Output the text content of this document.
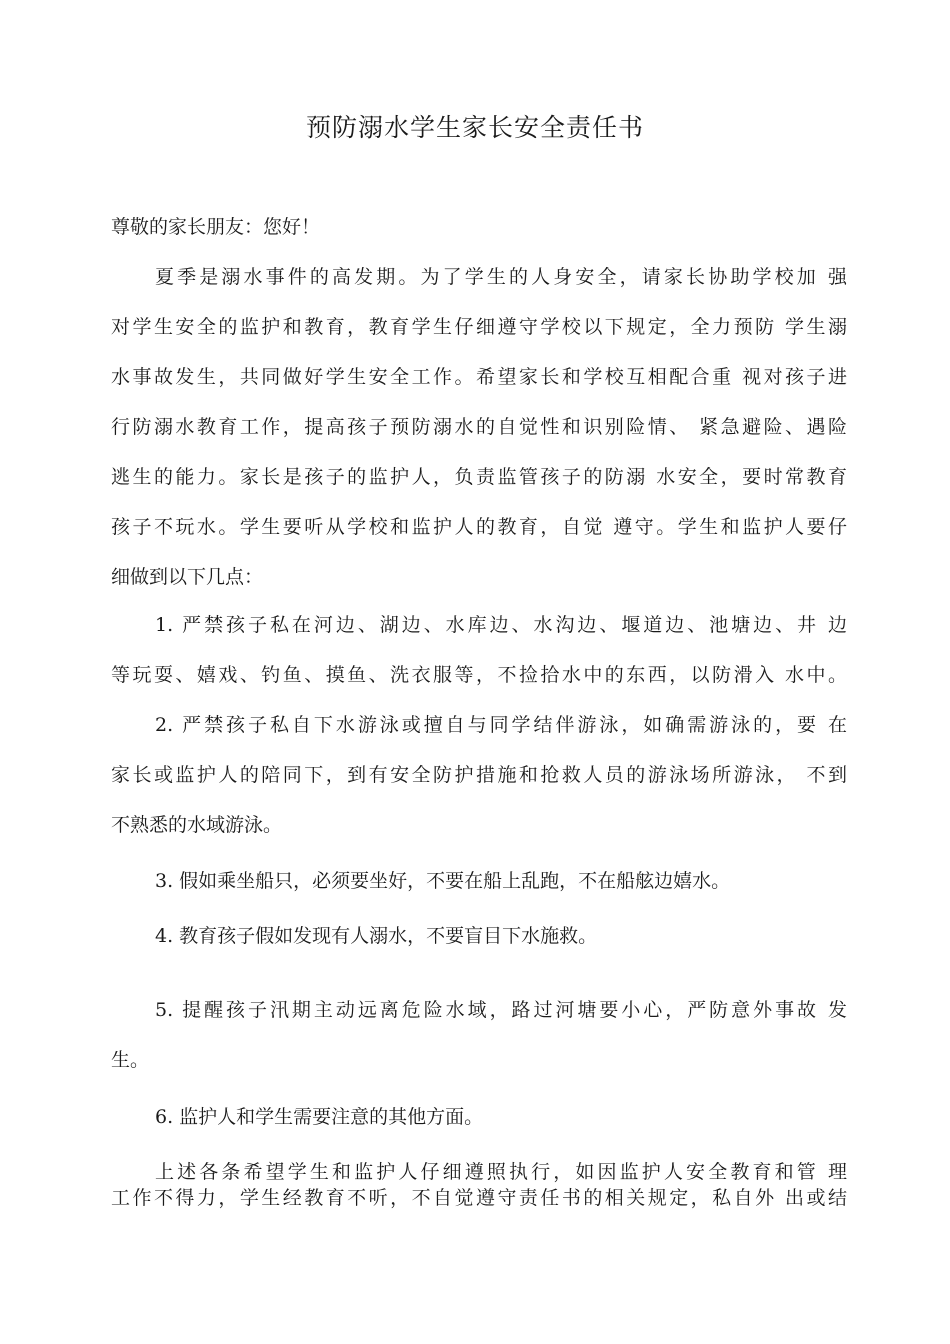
预防溺水学生家长安全责任书
尊敬的家长朋友：您好！
夏季是溺水事件的高发期。为了学生的人身安全，请家长协助学校加 强
对学生安全的监护和教育，教育学生仔细遵守学校以下规定，全力预防 学生溺
水事故发生，共同做好学生安全工作。希望家长和学校互相配合重 视对孩子进
行防溺水教育工作，提高孩子预防溺水的自觉性和识别险情、 紧急避险、遇险
逃生的能力。家长是孩子的监护人，负责监管孩子的防溺 水安全，要时常教育
孩子不玩水。学生要听从学校和监护人的教育，自觉 遵守。学生和监护人要仔
细做到以下几点：
1. 严禁孩子私在河边、湖边、水库边、水沟边、堰道边、池塘边、井 边
等玩耍、嬉戏、钓鱼、摸鱼、洗衣服等，不捡拾水中的东西，以防滑入 水中。
2. 严禁孩子私自下水游泳或擅自与同学结伴游泳，如确需游泳的，要 在
家长或监护人的陪同下，到有安全防护措施和抢救人员的游泳场所游泳， 不到
不熟悉的水域游泳。
3. 假如乘坐船只，必须要坐好，不要在船上乱跑，不在船舷边嬉水。
4. 教育孩子假如发现有人溺水，不要盲目下水施救。
5. 提醒孩子汛期主动远离危险水域，路过河塘要小心，严防意外事故 发
生。
6. 监护人和学生需要注意的其他方面。
上述各条希望学生和监护人仔细遵照执行，如因监护人安全教育和管 理
工作不得力，学生经教育不听，不自觉遵守责任书的相关规定，私自外 出或结
